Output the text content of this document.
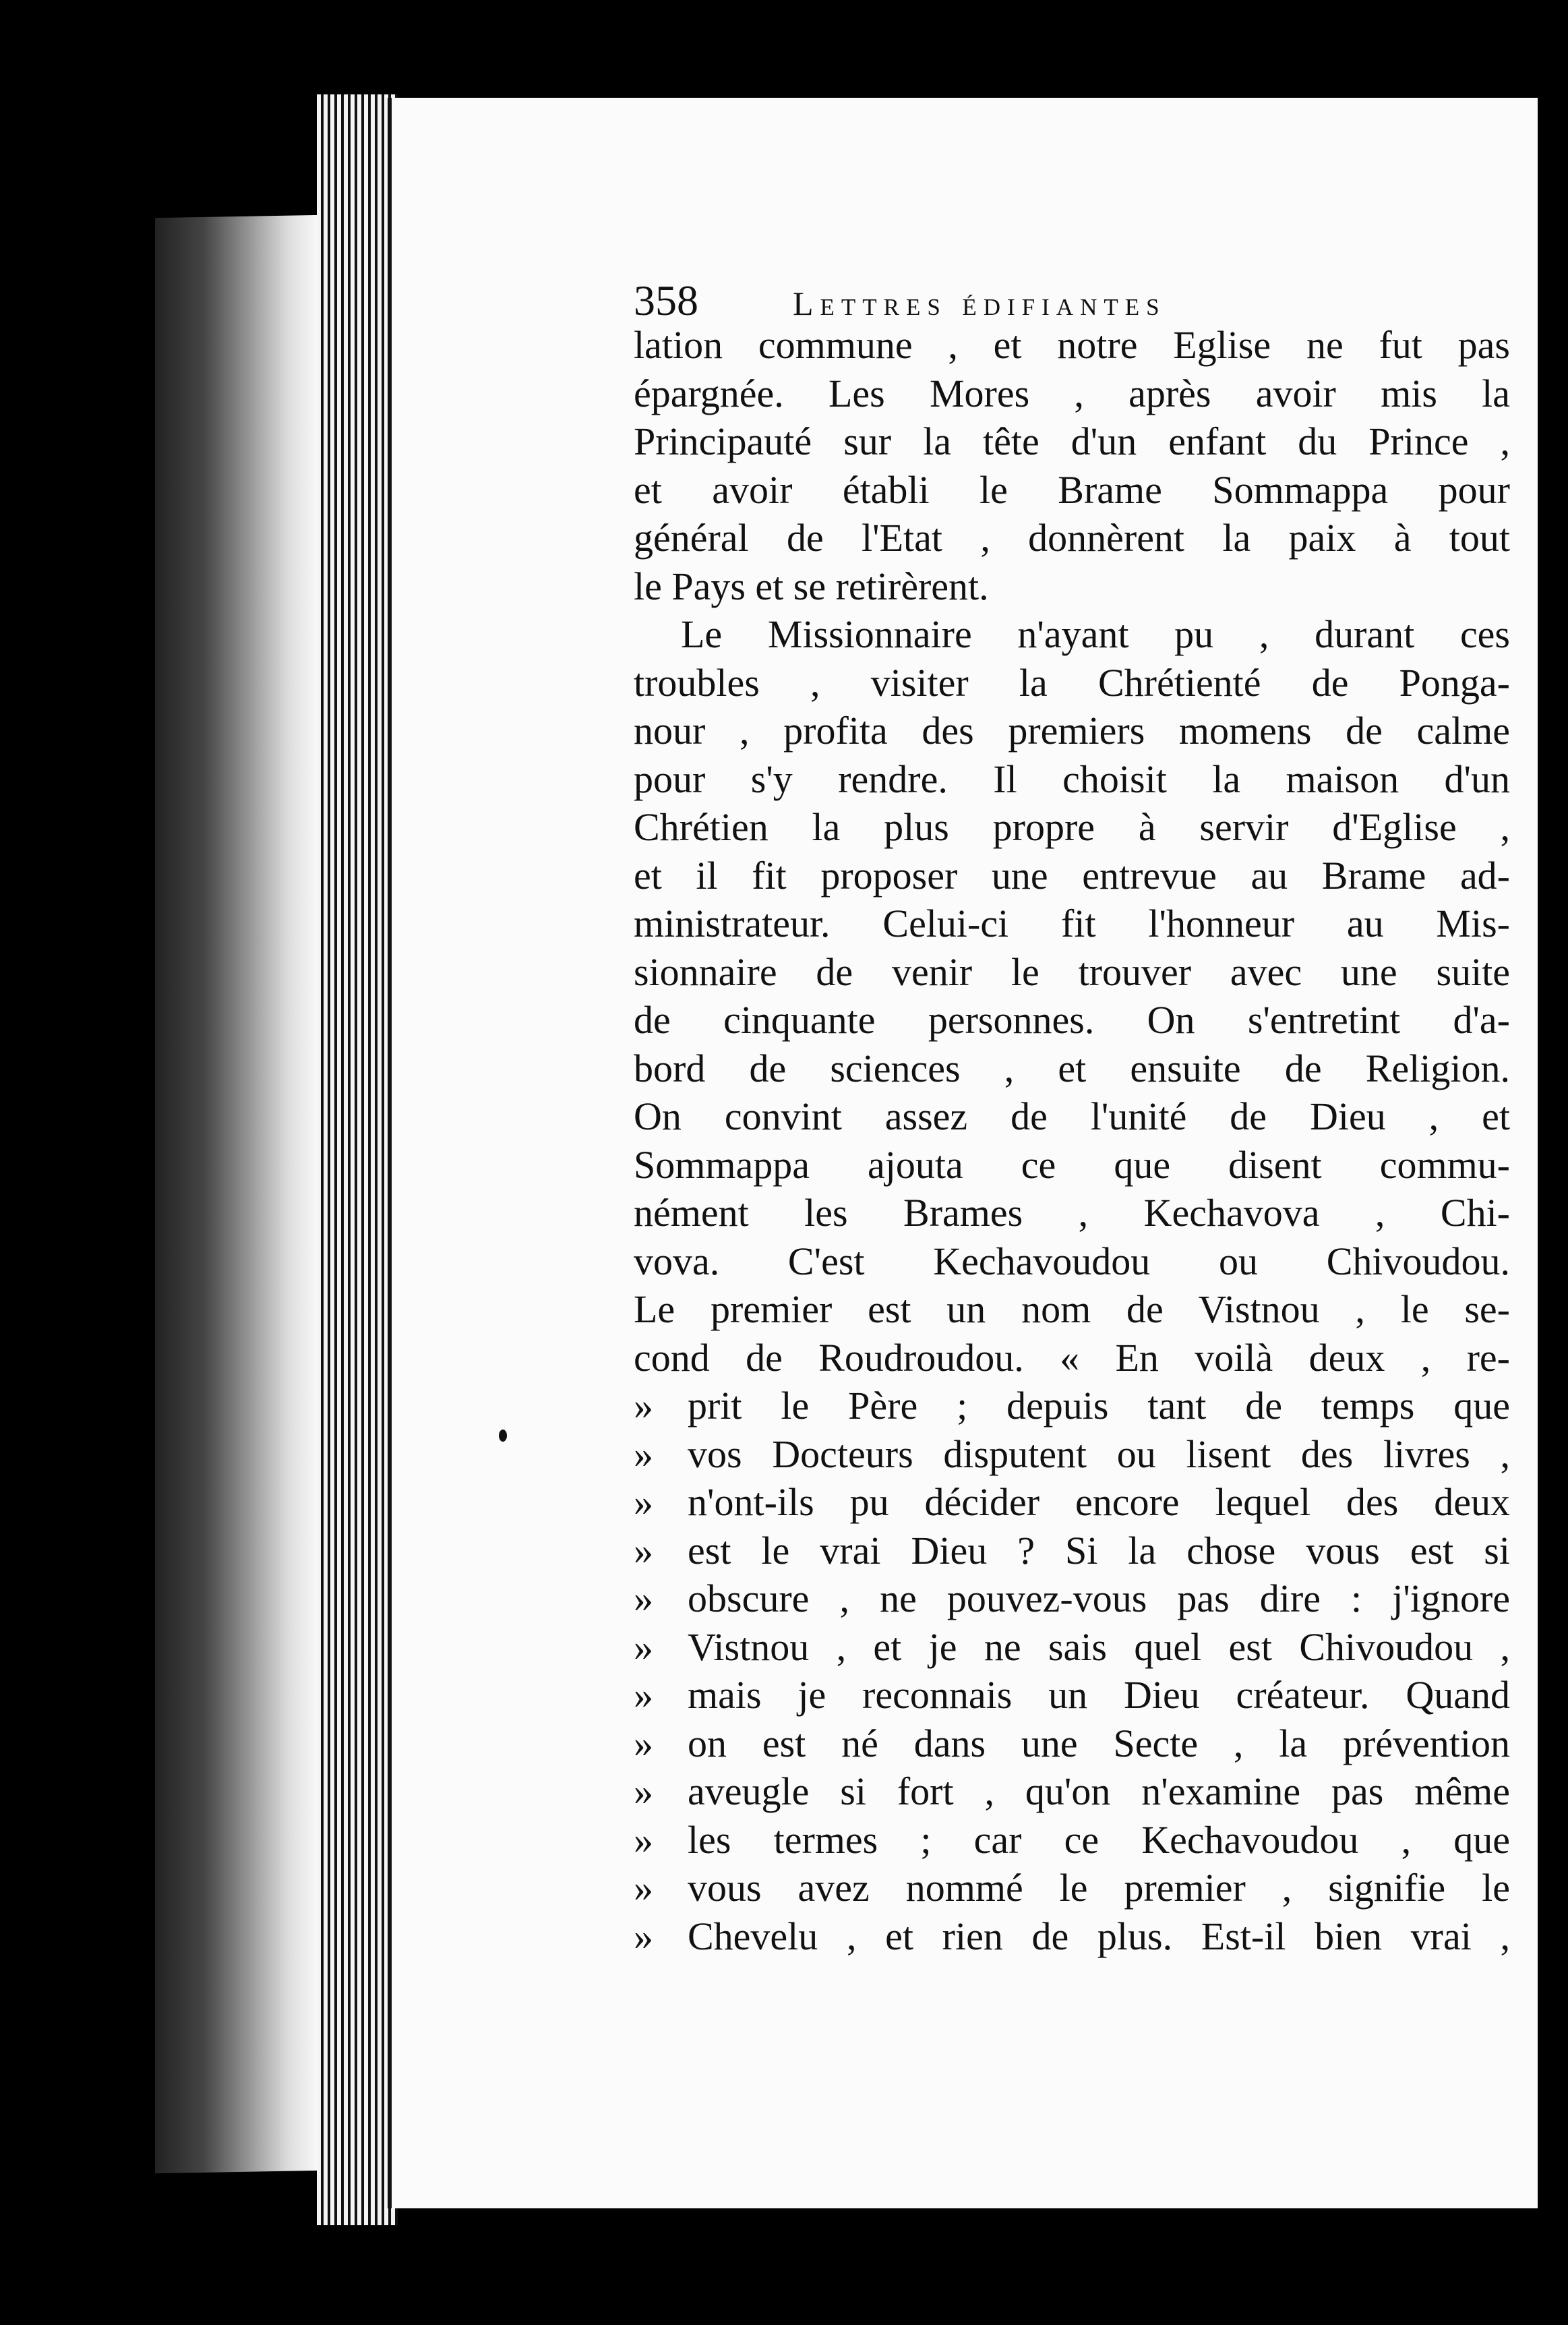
358	Lettres édifiantes
lation commune , et notre Eglise ne fut pas
épargnée. Les Mores , après avoir mis la
Principauté sur la tête d'un enfant du Prince ,
et avoir établi le Brame Sommappa pour
général de l'Etat , donnèrent la paix à tout
le Pays et se retirèrent.
Le Missionnaire n'ayant pu , durant ces
troubles , visiter la Chrétienté de Ponga-
nour , profita des premiers momens de calme
pour s'y rendre. Il choisit la maison d'un
Chrétien la plus propre à servir d'Eglise ,
et il fit proposer une entrevue au Brame ad-
ministrateur. Celui-ci fit l'honneur au Mis-
sionnaire de venir le trouver avec une suite
de cinquante personnes. On s'entretint d'a-
bord de sciences , et ensuite de Religion.
On convint assez de l'unité de Dieu , et
Sommappa ajouta ce que disent commu-
nément les Brames , Kechavova , Chi-
vova. C'est Kechavoudou ou Chivoudou.
Le premier est un nom de Vistnou , le se-
cond de Roudroudou. « En voilà deux , re-
» prit le Père ; depuis tant de temps que
» vos Docteurs disputent ou lisent des livres ,
» n'ont-ils pu décider encore lequel des deux
» est le vrai Dieu ? Si la chose vous est si
» obscure , ne pouvez-vous pas dire : j'ignore
» Vistnou , et je ne sais quel est Chivoudou ,
» mais je reconnais un Dieu créateur. Quand
» on est né dans une Secte , la prévention
» aveugle si fort , qu'on n'examine pas même
» les termes ; car ce Kechavoudou , que
» vous avez nommé le premier , signifie le
» Chevelu , et rien de plus. Est-il bien vrai ,
